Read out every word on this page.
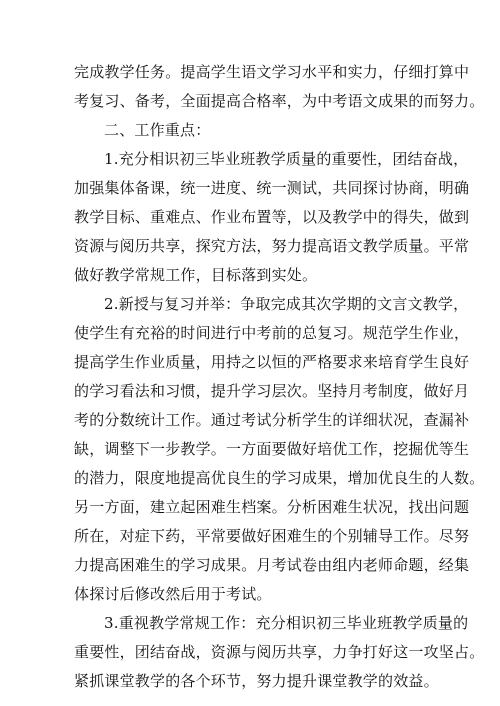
完成教学任务。提高学生语文学习水平和实力，仔细打算中
考复习、备考，全面提高合格率，为中考语文成果的而努力。
二、工作重点：
1.充分相识初三毕业班教学质量的重要性，团结奋战，
加强集体备课，统一进度、统一测试，共同探讨协商，明确
教学目标、重难点、作业布置等，以及教学中的得失，做到
资源与阅历共享，探究方法，努力提高语文教学质量。平常
做好教学常规工作，目标落到实处。
2.新授与复习并举：争取完成其次学期的文言文教学，
使学生有充裕的时间进行中考前的总复习。规范学生作业，
提高学生作业质量，用持之以恒的严格要求来培育学生良好
的学习看法和习惯，提升学习层次。坚持月考制度，做好月
考的分数统计工作。通过考试分析学生的详细状况，查漏补
缺，调整下一步教学。一方面要做好培优工作，挖掘优等生
的潜力，限度地提高优良生的学习成果，增加优良生的人数。
另一方面，建立起困难生档案。分析困难生状况，找出问题
所在，对症下药，平常要做好困难生的个别辅导工作。尽努
力提高困难生的学习成果。月考试卷由组内老师命题，经集
体探讨后修改然后用于考试。
3.重视教学常规工作：充分相识初三毕业班教学质量的
重要性，团结奋战，资源与阅历共享，力争打好这一攻坚占。
紧抓课堂教学的各个环节，努力提升课堂教学的效益。
